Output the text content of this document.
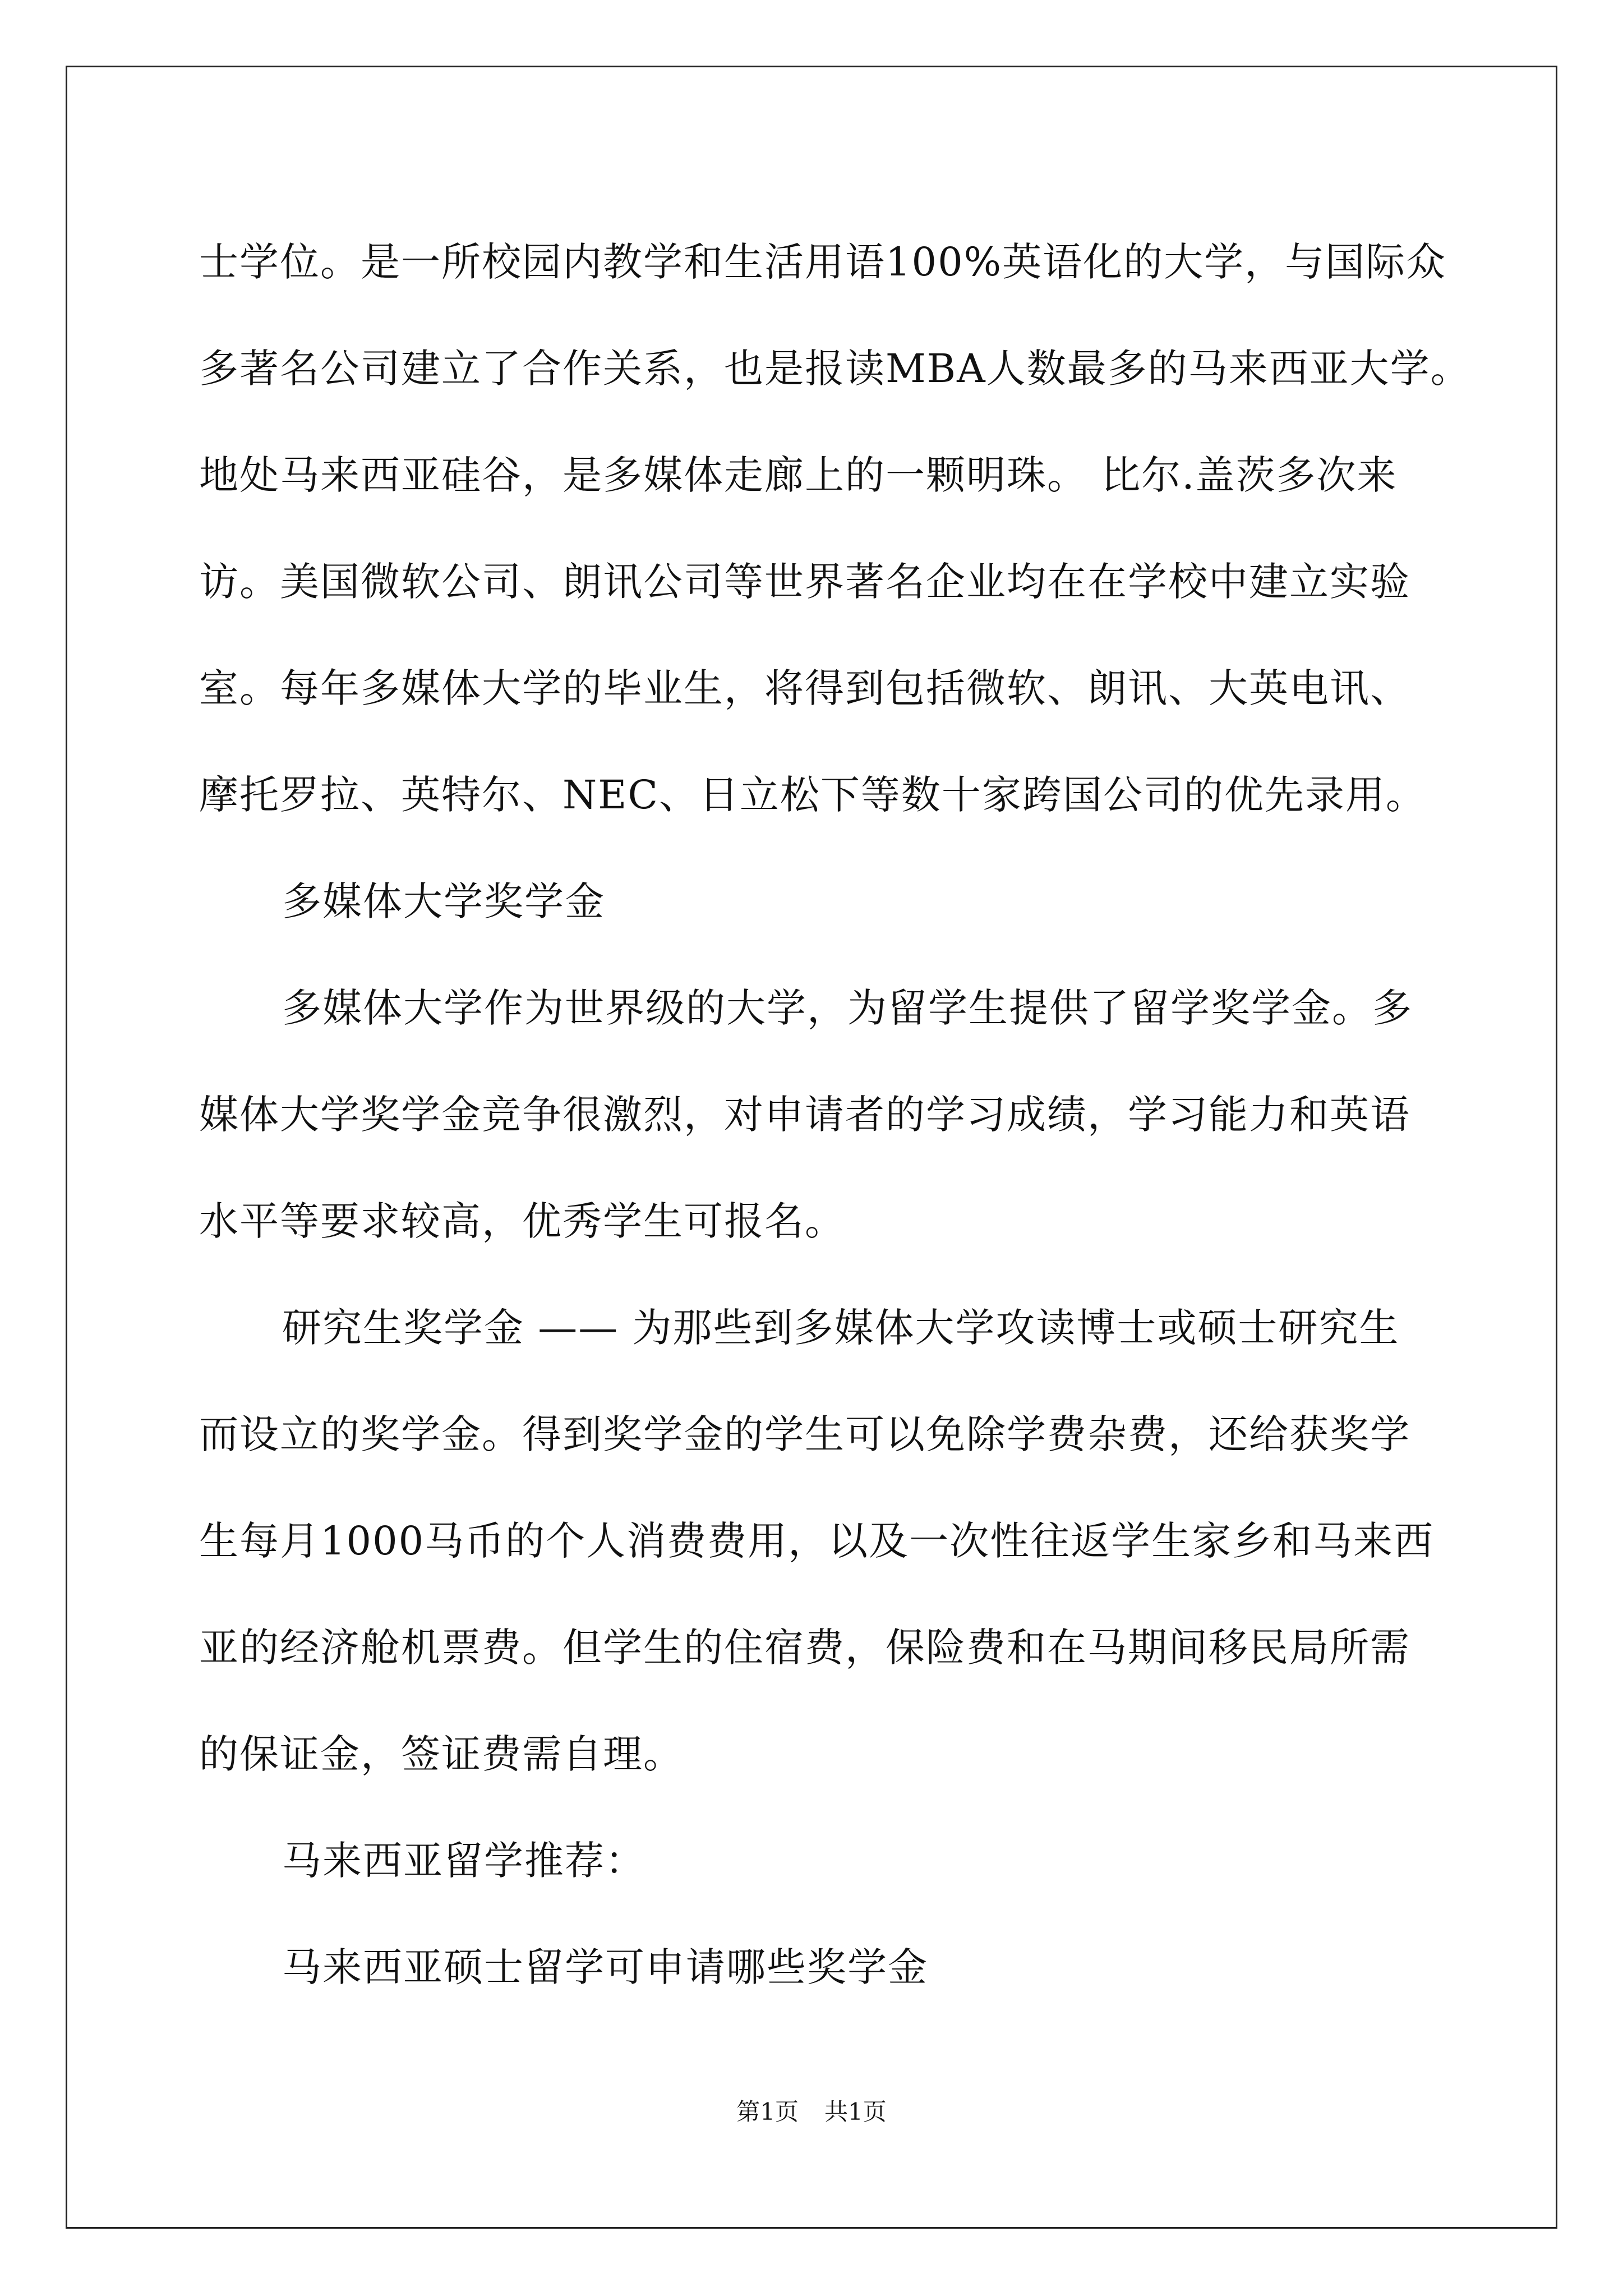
士学位。是一所校园内教学和生活用语100%英语化的大学，与国际众
多著名公司建立了合作关系，也是报读MBA人数最多的马来西亚大学。
地处马来西亚硅谷，是多媒体走廊上的一颗明珠。 比尔.盖茨多次来
访。美国微软公司、朗讯公司等世界著名企业均在在学校中建立实验
室。每年多媒体大学的毕业生，将得到包括微软、朗讯、大英电讯、
摩托罗拉、英特尔、NEC、日立松下等数十家跨国公司的优先录用。
多媒体大学奖学金
多媒体大学作为世界级的大学，为留学生提供了留学奖学金。多
媒体大学奖学金竞争很激烈，对申请者的学习成绩，学习能力和英语
水平等要求较高，优秀学生可报名。
研究生奖学金 —— 为那些到多媒体大学攻读博士或硕士研究生
而设立的奖学金。得到奖学金的学生可以免除学费杂费，还给获奖学
生每月1000马币的个人消费费用，以及一次性往返学生家乡和马来西
亚的经济舱机票费。但学生的住宿费，保险费和在马期间移民局所需
的保证金，签证费需自理。
马来西亚留学推荐：
马来西亚硕士留学可申请哪些奖学金
第1页 共1页
